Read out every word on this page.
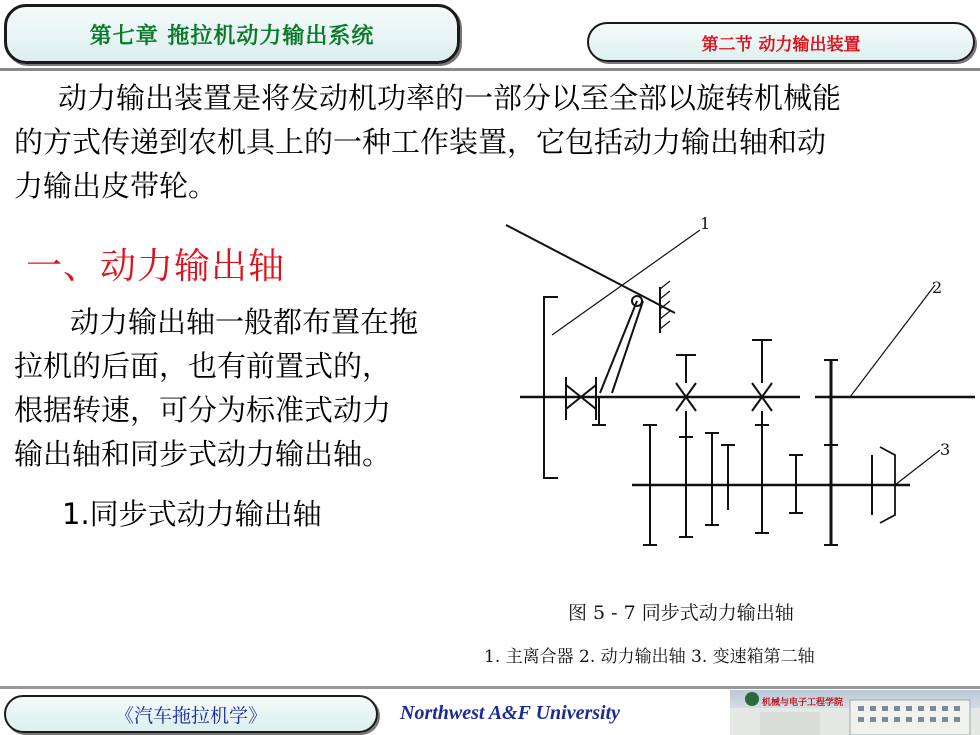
第七章 拖拉机动力输出系统	第二节 动力输出装置
动力输出装置是将发动机功率的一部分以至全部以旋转机械能
的方式传递到农机具上的一种工作装置，它包括动力输出轴和动
力输出皮带轮。
一、动力输出轴
动力输出轴一般都布置在拖
拉机的后面，也有前置式的，
根据转速，可分为标准式动力
输出轴和同步式动力输出轴。
1.同步式动力输出轴
1
2
3
图 5 - 7 同步式动力输出轴
1. 主离合器 2. 动力输出轴 3. 变速箱第二轴
《汽车拖拉机学》	Northwest A&F University	机械与电子工程学院
